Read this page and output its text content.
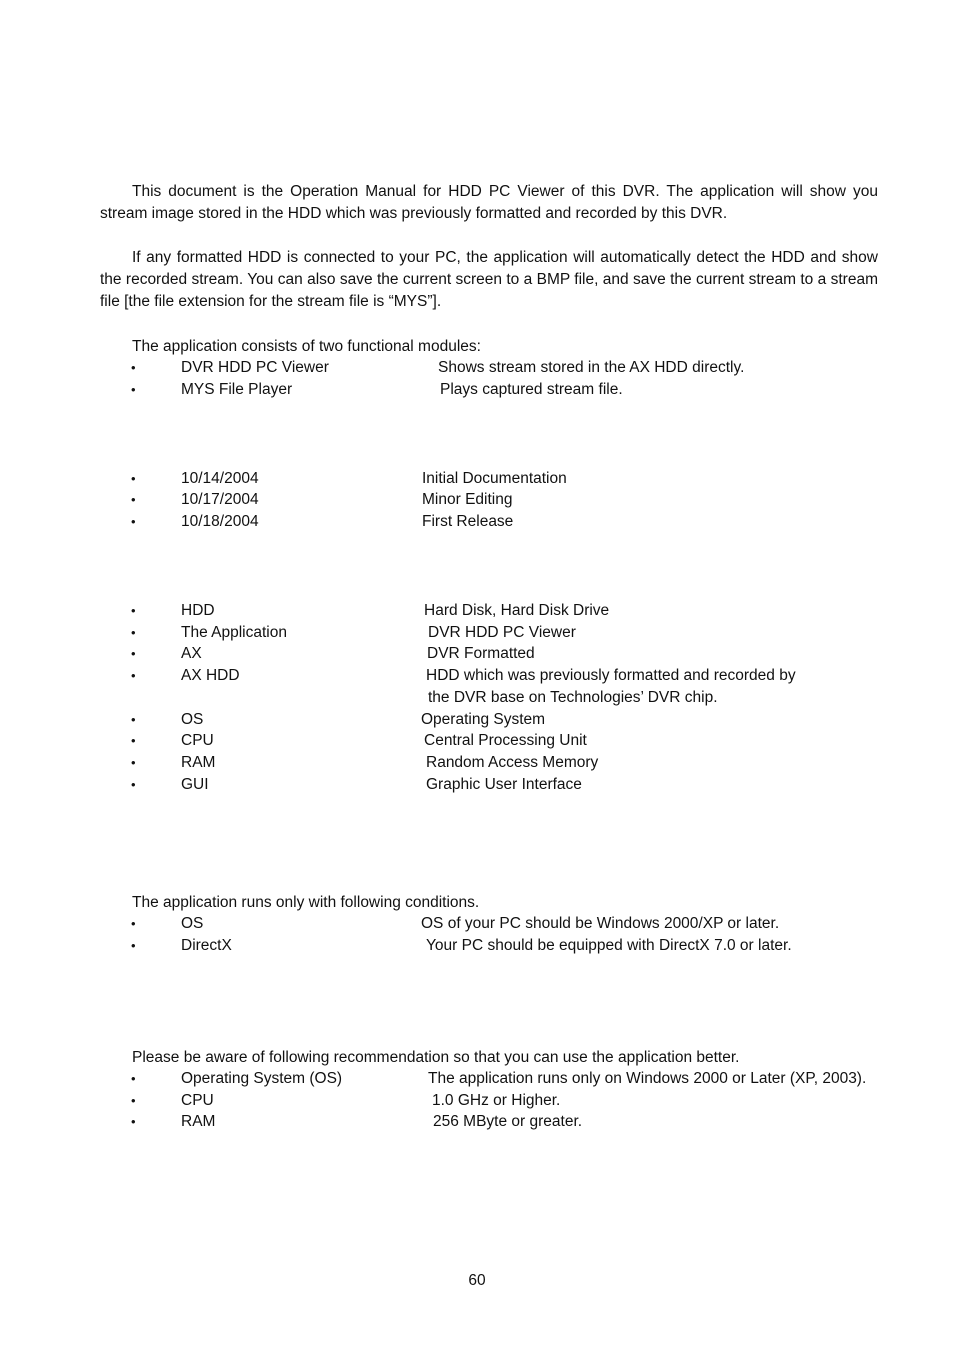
This document is the Operation Manual for HDD PC Viewer of this DVR. The application will show you stream image stored in the HDD which was previously formatted and recorded by this DVR.
If any formatted HDD is connected to your PC, the application will automatically detect the HDD and show the recorded stream. You can also save the current screen to a BMP file, and save the current stream to a stream file [the file extension for the stream file is “MYS”].
The application consists of two functional modules:
•	DVR HDD PC Viewer	Shows stream stored in the AX HDD directly.
•	MYS File Player	Plays captured stream file.
•	10/14/2004	Initial Documentation
•	10/17/2004	Minor Editing
•	10/18/2004	First Release
•	HDD	Hard Disk, Hard Disk Drive
•	The Application	DVR HDD PC Viewer
•	AX	DVR Formatted
•	AX HDD	HDD which was previously formatted and recorded by
the DVR base on Technologies’ DVR chip.
•	OS	Operating System
•	CPU	Central Processing Unit
•	RAM	Random Access Memory
•	GUI	Graphic User Interface
The application runs only with following conditions.
•	OS	OS of your PC should be Windows 2000/XP or later.
•	DirectX	Your PC should be equipped with DirectX 7.0 or later.
Please be aware of following recommendation so that you can use the application better.
•	Operating System (OS)	The application runs only on Windows 2000 or Later (XP, 2003).
•	CPU	1.0 GHz or Higher.
•	RAM	256 MByte or greater.
60
